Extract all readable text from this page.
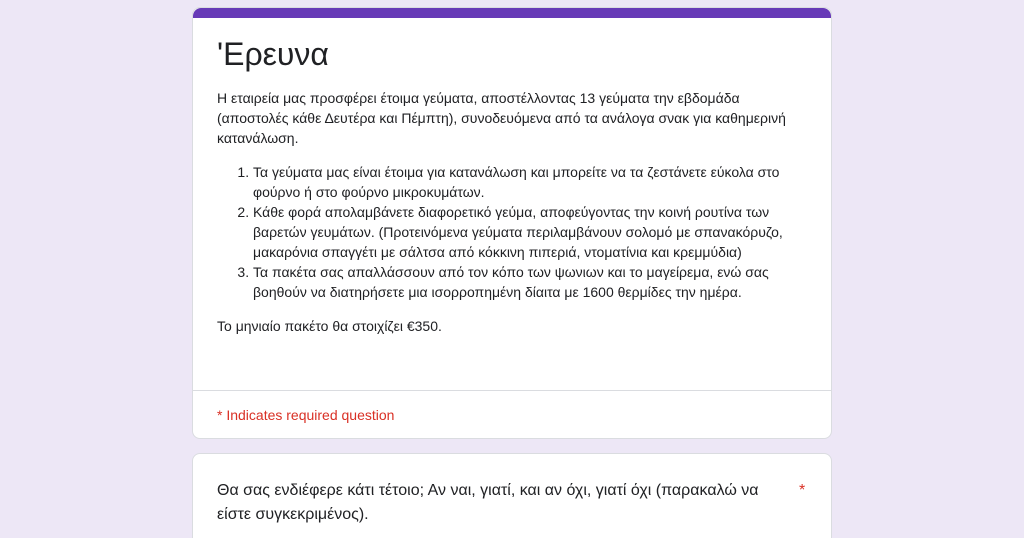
'Ερευνα

Η εταιρεία μας προσφέρει έτοιμα γεύματα, αποστέλλοντας 13 γεύματα την εβδομάδα (αποστολές κάθε Δευτέρα και Πέμπτη), συνοδευόμενα από τα ανάλογα σνακ για καθημερινή κατανάλωση.

1. Τα γεύματα μας είναι έτοιμα για κατανάλωση και μπορείτε να τα ζεστάνετε εύκολα στο φούρνο ή στο φούρνο μικροκυμάτων.
2. Κάθε φορά απολαμβάνετε διαφορετικό γεύμα, αποφεύγοντας την κοινή ρουτίνα των βαρετών γευμάτων. (Προτεινόμενα γεύματα περιλαμβάνουν σολομό με σπανακόρυζο, μακαρόνια σπαγγέτι με σάλτσα από κόκκινη πιπεριά, ντοματίνια και κρεμμύδια)
3. Τα πακέτα σας απαλλάσσουν από τον κόπο των ψωνιων και το μαγείρεμα, ενώ σας βοηθούν να διατηρήσετε μια ισορροπημένη δίαιτα με 1600 θερμίδες την ημέρα.

Το μηνιαίο πακέτο θα στοιχίζει €350.

* Indicates required question
Θα σας ενδιέφερε κάτι τέτοιο; Αν ναι, γιατί, και αν όχι, γιατί όχι (παρακαλώ να είστε συγκεκριμένος).
*
